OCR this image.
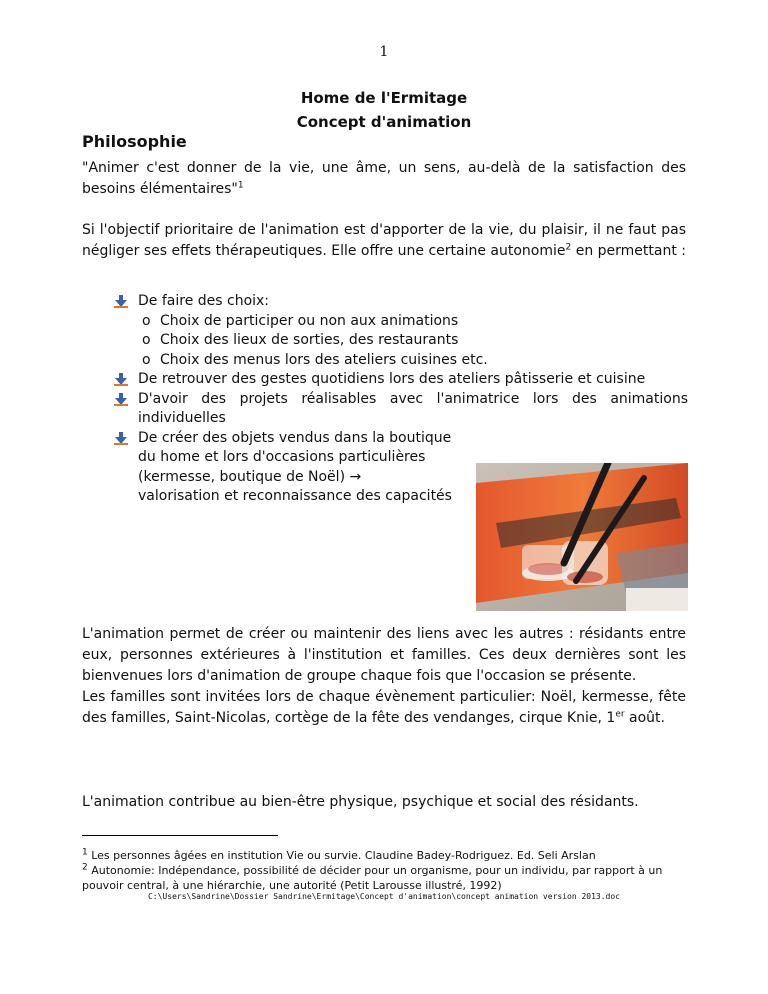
1
Home de l'Ermitage
Concept d'animation
Philosophie
"Animer c'est donner de la vie, une âme, un sens, au-delà de la satisfaction des besoins élémentaires"$^1$
Si l'objectif prioritaire de l'animation est d'apporter de la vie, du plaisir, il ne faut pas négliger ses effets thérapeutiques. Elle offre une certaine autonomie$^2$ en permettant :
De faire des choix:
o Choix de participer ou non aux animations
o Choix des lieux de sorties, des restaurants
o Choix des menus lors des ateliers cuisines etc.
De retrouver des gestes quotidiens lors des ateliers pâtisserie et cuisine
D'avoir des projets réalisables avec l'animatrice lors des animations individuelles
De créer des objets vendus dans la boutique du home et lors d'occasions particulières (kermesse, boutique de Noël) →
valorisation et reconnaissance des capacités
L'animation permet de créer ou maintenir des liens avec les autres : résidants entre eux, personnes extérieures à l'institution et familles. Ces deux dernières sont les bienvenues lors d'animation de groupe chaque fois que l'occasion se présente.
Les familles sont invitées lors de chaque évènement particulier: Noël, kermesse, fête des familles, Saint-Nicolas, cortège de la fête des vendanges, cirque Knie, 1er août.
L'animation contribue au bien-être physique, psychique et social des résidants.
$^1$ Les personnes âgées en institution Vie ou survie. Claudine Badey-Rodriguez. Ed. Seli Arslan
$^2$ Autonomie: Indépendance, possibilité de décider pour un organisme, pour un individu, par rapport à un pouvoir central, à une hiérarchie, une autorité (Petit Larousse illustré, 1992)
C:\Users\Sandrine\Dossier Sandrine\Ermitage\Concept d'animation\concept animation version 2013.doc
